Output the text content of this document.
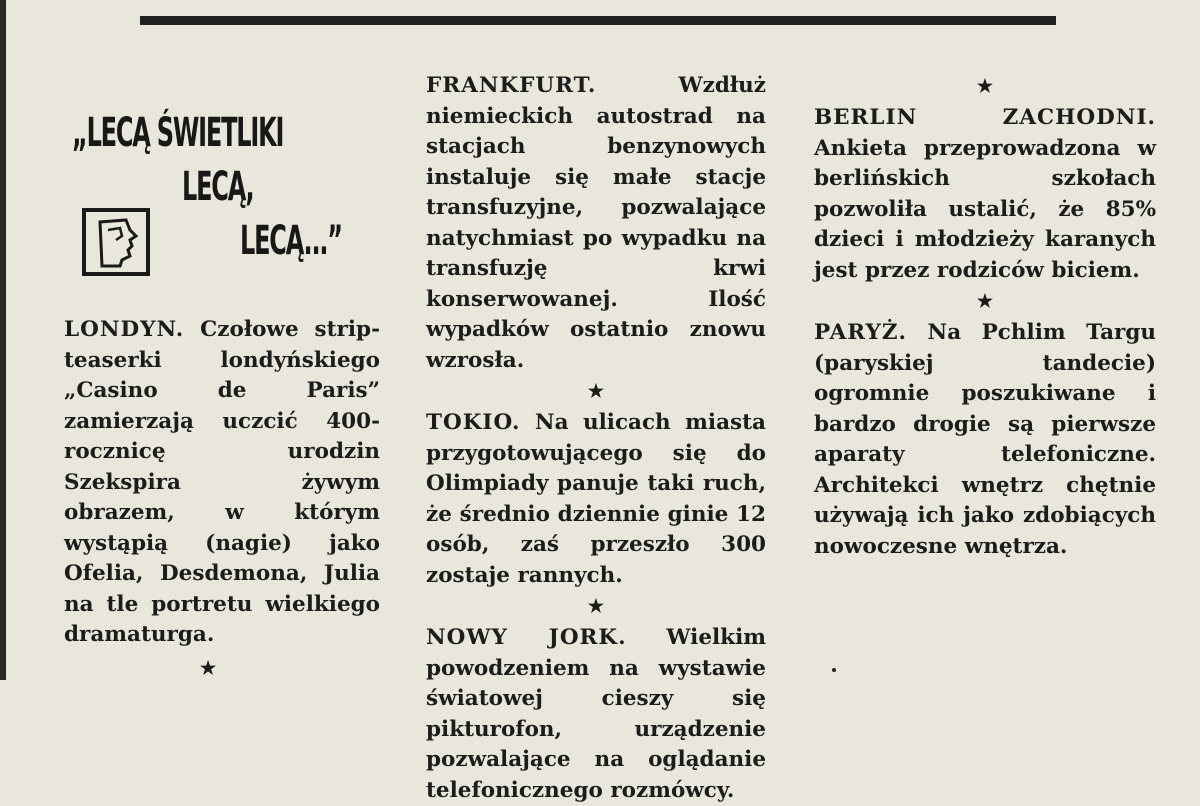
„LECĄ ŚWIETLIKI
LECĄ,
LECĄ...”

LONDYN. Czołowe strip-teaserki londyńskiego „Casino de Paris” zamierzają uczcić 400-rocznicę urodzin Szekspira żywym obrazem, w którym wystąpią (nagie) jako Ofelia, Desdemona, Julia na tle portretu wielkiego dramaturga.

★

FRANKFURT. Wzdłuż niemieckich autostrad na stacjach benzynowych instaluje się małe stacje transfuzyjne, pozwalające natychmiast po wypadku na transfuzję krwi konserwowanej. Ilość wypadków ostatnio znowu wzrosła.

★

TOKIO. Na ulicach miasta przygotowującego się do Olimpiady panuje taki ruch, że średnio dziennie ginie 12 osób, zaś przeszło 300 zostaje rannych.

★

NOWY JORK. Wielkim powodzeniem na wystawie światowej cieszy się pikturofon, urządzenie pozwalające na oglądanie telefonicznego rozmówcy.

★

BERLIN ZACHODNI. Ankieta przeprowadzona w berlińskich szkołach pozwoliła ustalić, że 85% dzieci i młodzieży karanych jest przez rodziców biciem.

★

PARYŻ. Na Pchlim Targu (paryskiej tandecie) ogromnie poszukiwane i bardzo drogie są pierwsze aparaty telefoniczne. Architekci wnętrz chętnie używają ich jako zdobiących nowoczesne wnętrza.
